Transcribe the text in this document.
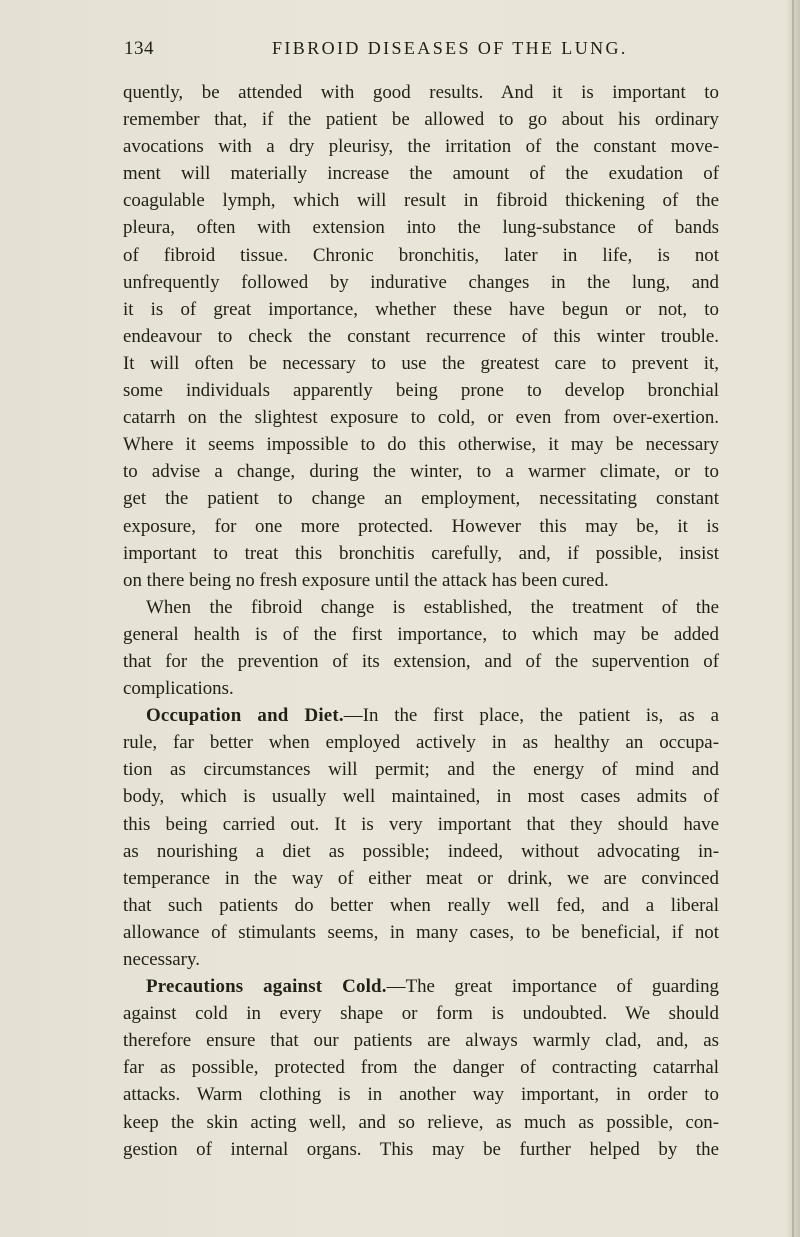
134	FIBROID DISEASES OF THE LUNG.
quently, be attended with good results. And it is important to
remember that, if the patient be allowed to go about his ordinary
avocations with a dry pleurisy, the irritation of the constant move-
ment will materially increase the amount of the exudation of
coagulable lymph, which will result in fibroid thickening of the
pleura, often with extension into the lung-substance of bands
of fibroid tissue. Chronic bronchitis, later in life, is not
unfrequently followed by indurative changes in the lung, and
it is of great importance, whether these have begun or not, to
endeavour to check the constant recurrence of this winter trouble.
It will often be necessary to use the greatest care to prevent it,
some individuals apparently being prone to develop bronchial
catarrh on the slightest exposure to cold, or even from over-exertion.
Where it seems impossible to do this otherwise, it may be necessary
to advise a change, during the winter, to a warmer climate, or to
get the patient to change an employment, necessitating constant
exposure, for one more protected. However this may be, it is
important to treat this bronchitis carefully, and, if possible, insist
on there being no fresh exposure until the attack has been cured.
When the fibroid change is established, the treatment of the
general health is of the first importance, to which may be added
that for the prevention of its extension, and of the supervention of
complications.
Occupation and Diet.—In the first place, the patient is, as a
rule, far better when employed actively in as healthy an occupa-
tion as circumstances will permit; and the energy of mind and
body, which is usually well maintained, in most cases admits of
this being carried out. It is very important that they should have
as nourishing a diet as possible; indeed, without advocating in-
temperance in the way of either meat or drink, we are convinced
that such patients do better when really well fed, and a liberal
allowance of stimulants seems, in many cases, to be beneficial, if not
necessary.
Precautions against Cold.—The great importance of guarding
against cold in every shape or form is undoubted. We should
therefore ensure that our patients are always warmly clad, and, as
far as possible, protected from the danger of contracting catarrhal
attacks. Warm clothing is in another way important, in order to
keep the skin acting well, and so relieve, as much as possible, con-
gestion of internal organs. This may be further helped by the
